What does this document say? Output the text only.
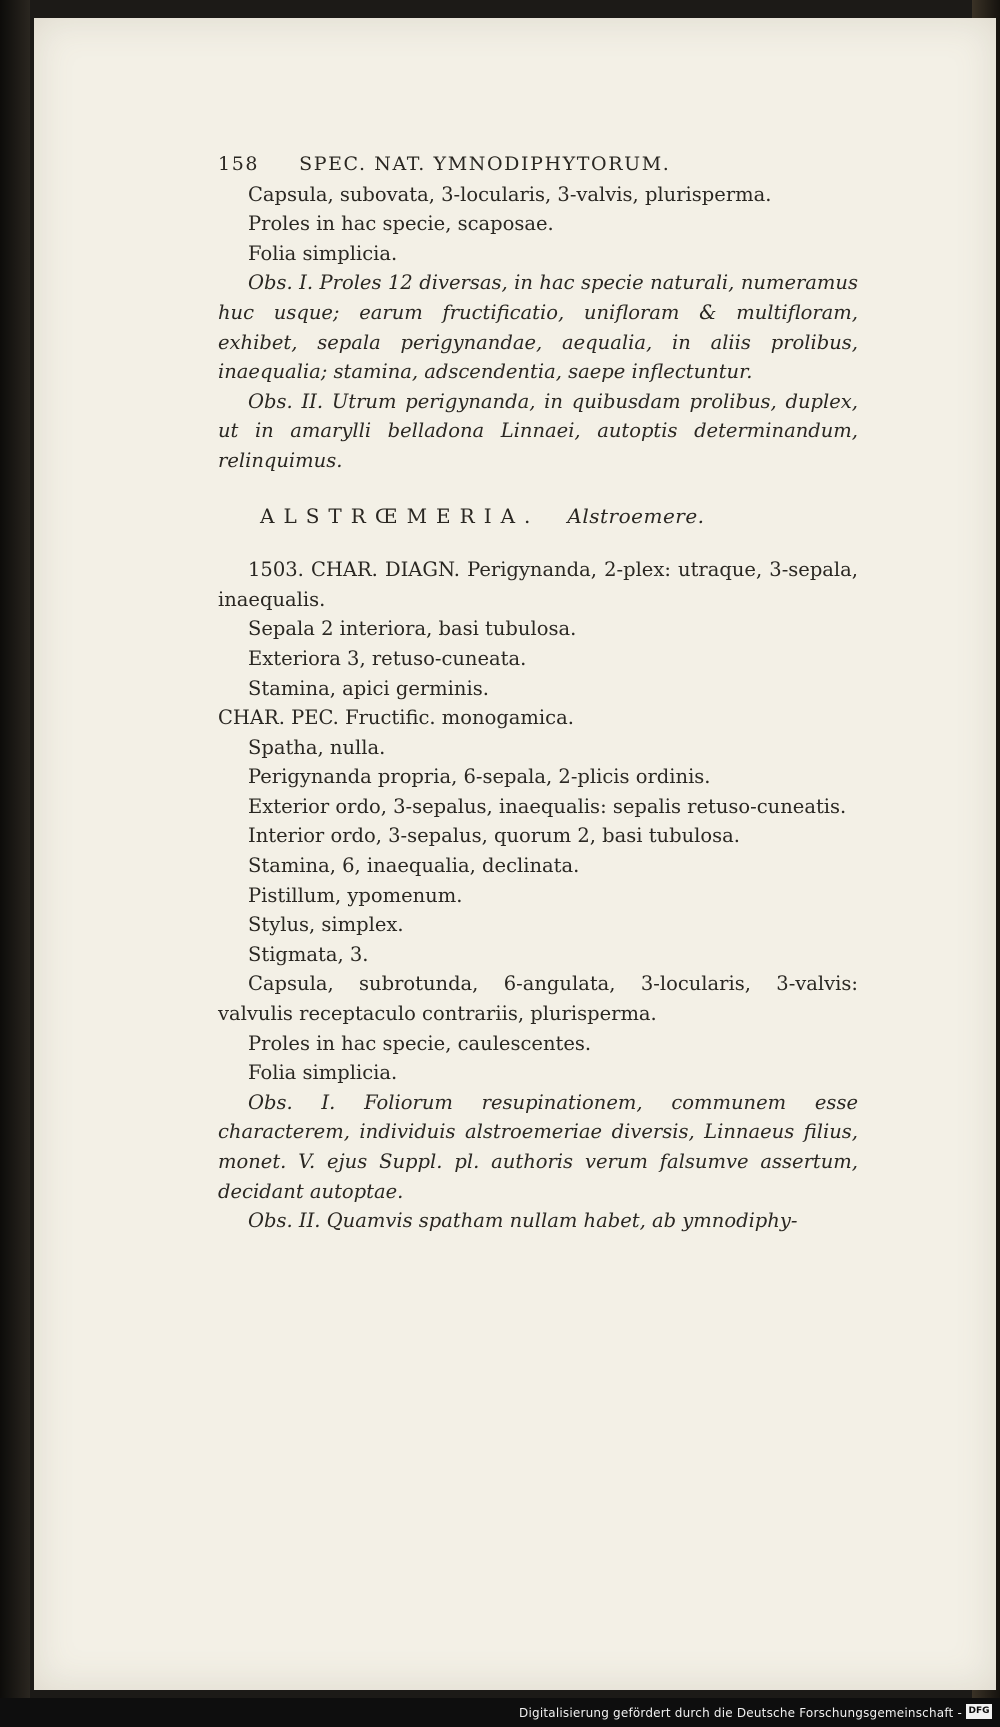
158 SPEC. NAT. YMNODIPHYTORUM.

Capsula, subovata, 3-locularis, 3-valvis, plurisperma.

Proles in hac specie, scaposae.

Folia simplicia.

Obs. I. Proles 12 diversas, in hac specie naturali, numeramus huc usque; earum fructificatio, unifloram & multifloram, exhibet, sepala perigynandae, aequalia, in aliis prolibus, inaequalia; stamina, adscendentia, saepe inflectuntur.

Obs. II. Utrum perigynanda, in quibusdam prolibus, duplex, ut in amarylli belladona Linnaei, autoptis determinandum, relinquimus.

ALSTRŒMERIA. Alstroemere.

1503. CHAR. DIAGN. Perigynanda, 2-plex: utraque, 3-sepala, inaequalis.

Sepala 2 interiora, basi tubulosa.

Exteriora 3, retuso-cuneata.

Stamina, apici germinis.

CHAR. PEC. Fructific. monogamica.

Spatha, nulla.

Perigynanda propria, 6-sepala, 2-plicis ordinis.

Exterior ordo, 3-sepalus, inaequalis: sepalis retuso-cuneatis.

Interior ordo, 3-sepalus, quorum 2, basi tubulosa.

Stamina, 6, inaequalia, declinata.

Pistillum, ypomenum.

Stylus, simplex.

Stigmata, 3.

Capsula, subrotunda, 6-angulata, 3-locularis, 3-valvis: valvulis receptaculo contrariis, plurisperma.

Proles in hac specie, caulescentes.

Folia simplicia.

Obs. I. Foliorum resupinationem, communem esse characterem, individuis alstroemeriae diversis, Linnaeus filius, monet. V. ejus Suppl. pl. authoris verum falsumve assertum, decidant autoptae.

Obs. II. Quamvis spatham nullam habet, ab ymnodiphy-

Digitalisierung gefördert durch die Deutsche Forschungsgemeinschaft - DFG
